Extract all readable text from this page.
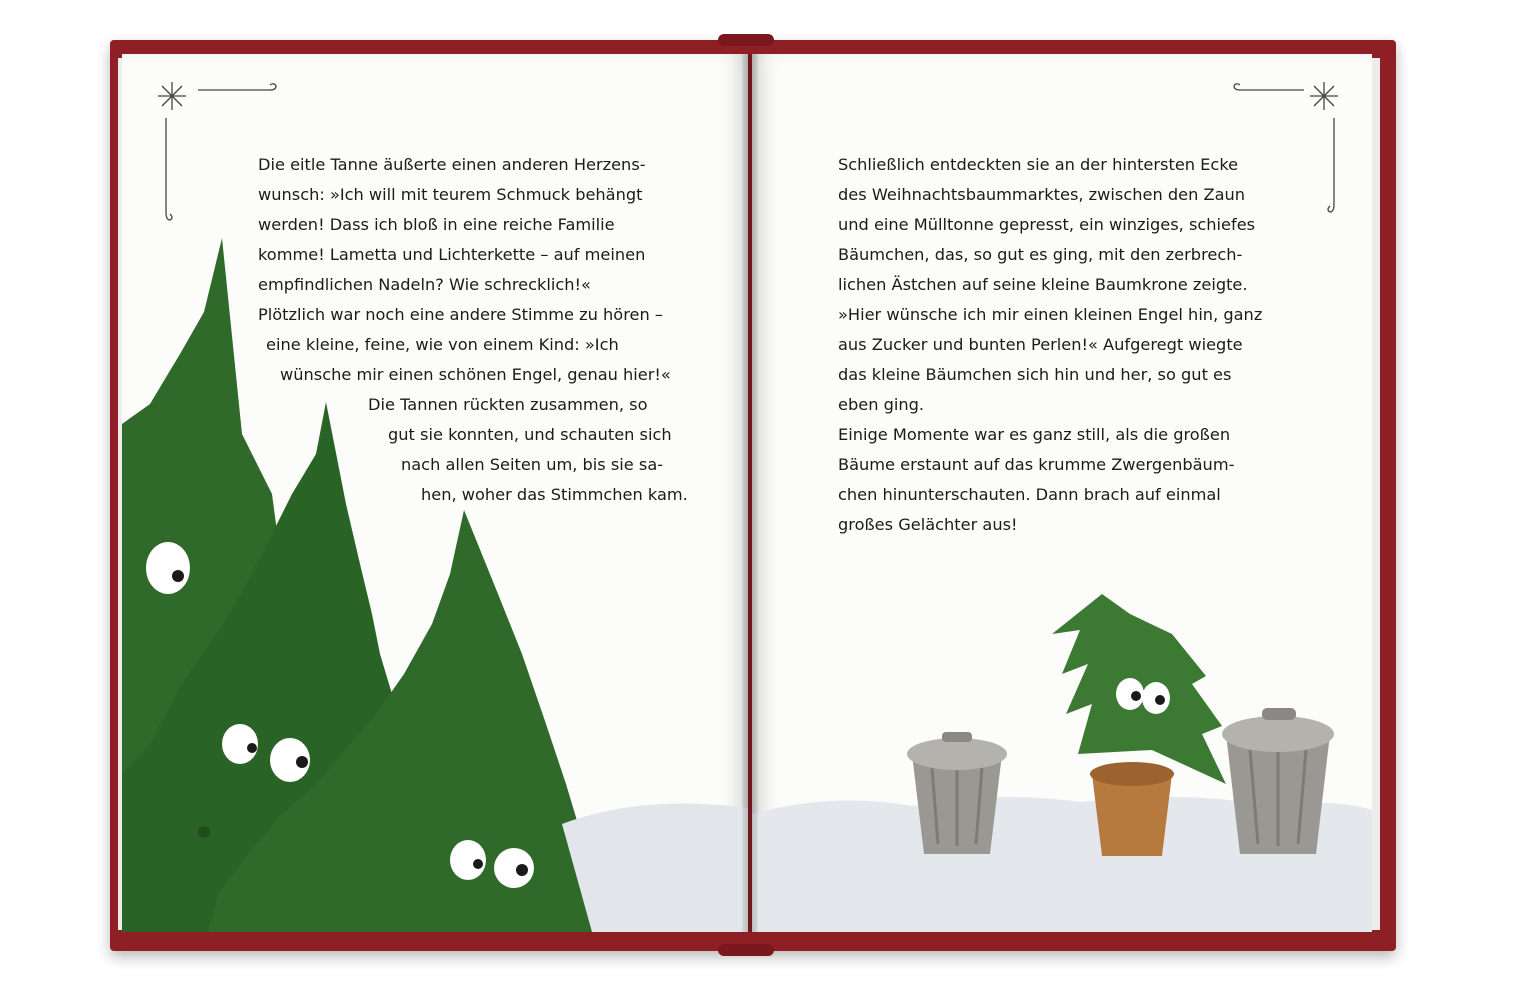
Die eitle Tanne äußerte einen anderen Herzens-
wunsch: »Ich will mit teurem Schmuck behängt
werden! Dass ich bloß in eine reiche Familie
komme! Lametta und Lichterkette – auf meinen
empfindlichen Nadeln? Wie schrecklich!«
Plötzlich war noch eine andere Stimme zu hören –
eine kleine, feine, wie von einem Kind: »Ich
wünsche mir einen schönen Engel, genau hier!«
Die Tannen rückten zusammen, so
gut sie konnten, und schauten sich
nach allen Seiten um, bis sie sa-
hen, woher das Stimmchen kam.
Schließlich entdeckten sie an der hintersten Ecke
des Weihnachtsbaummarktes, zwischen den Zaun
und eine Mülltonne gepresst, ein winziges, schiefes
Bäumchen, das, so gut es ging, mit den zerbrech-
lichen Ästchen auf seine kleine Baumkrone zeigte.
»Hier wünsche ich mir einen kleinen Engel hin, ganz
aus Zucker und bunten Perlen!« Aufgeregt wiegte
das kleine Bäumchen sich hin und her, so gut es
eben ging.
Einige Momente war es ganz still, als die großen
Bäume erstaunt auf das krumme Zwergenbäum-
chen hinunterschauten. Dann brach auf einmal
großes Gelächter aus!
